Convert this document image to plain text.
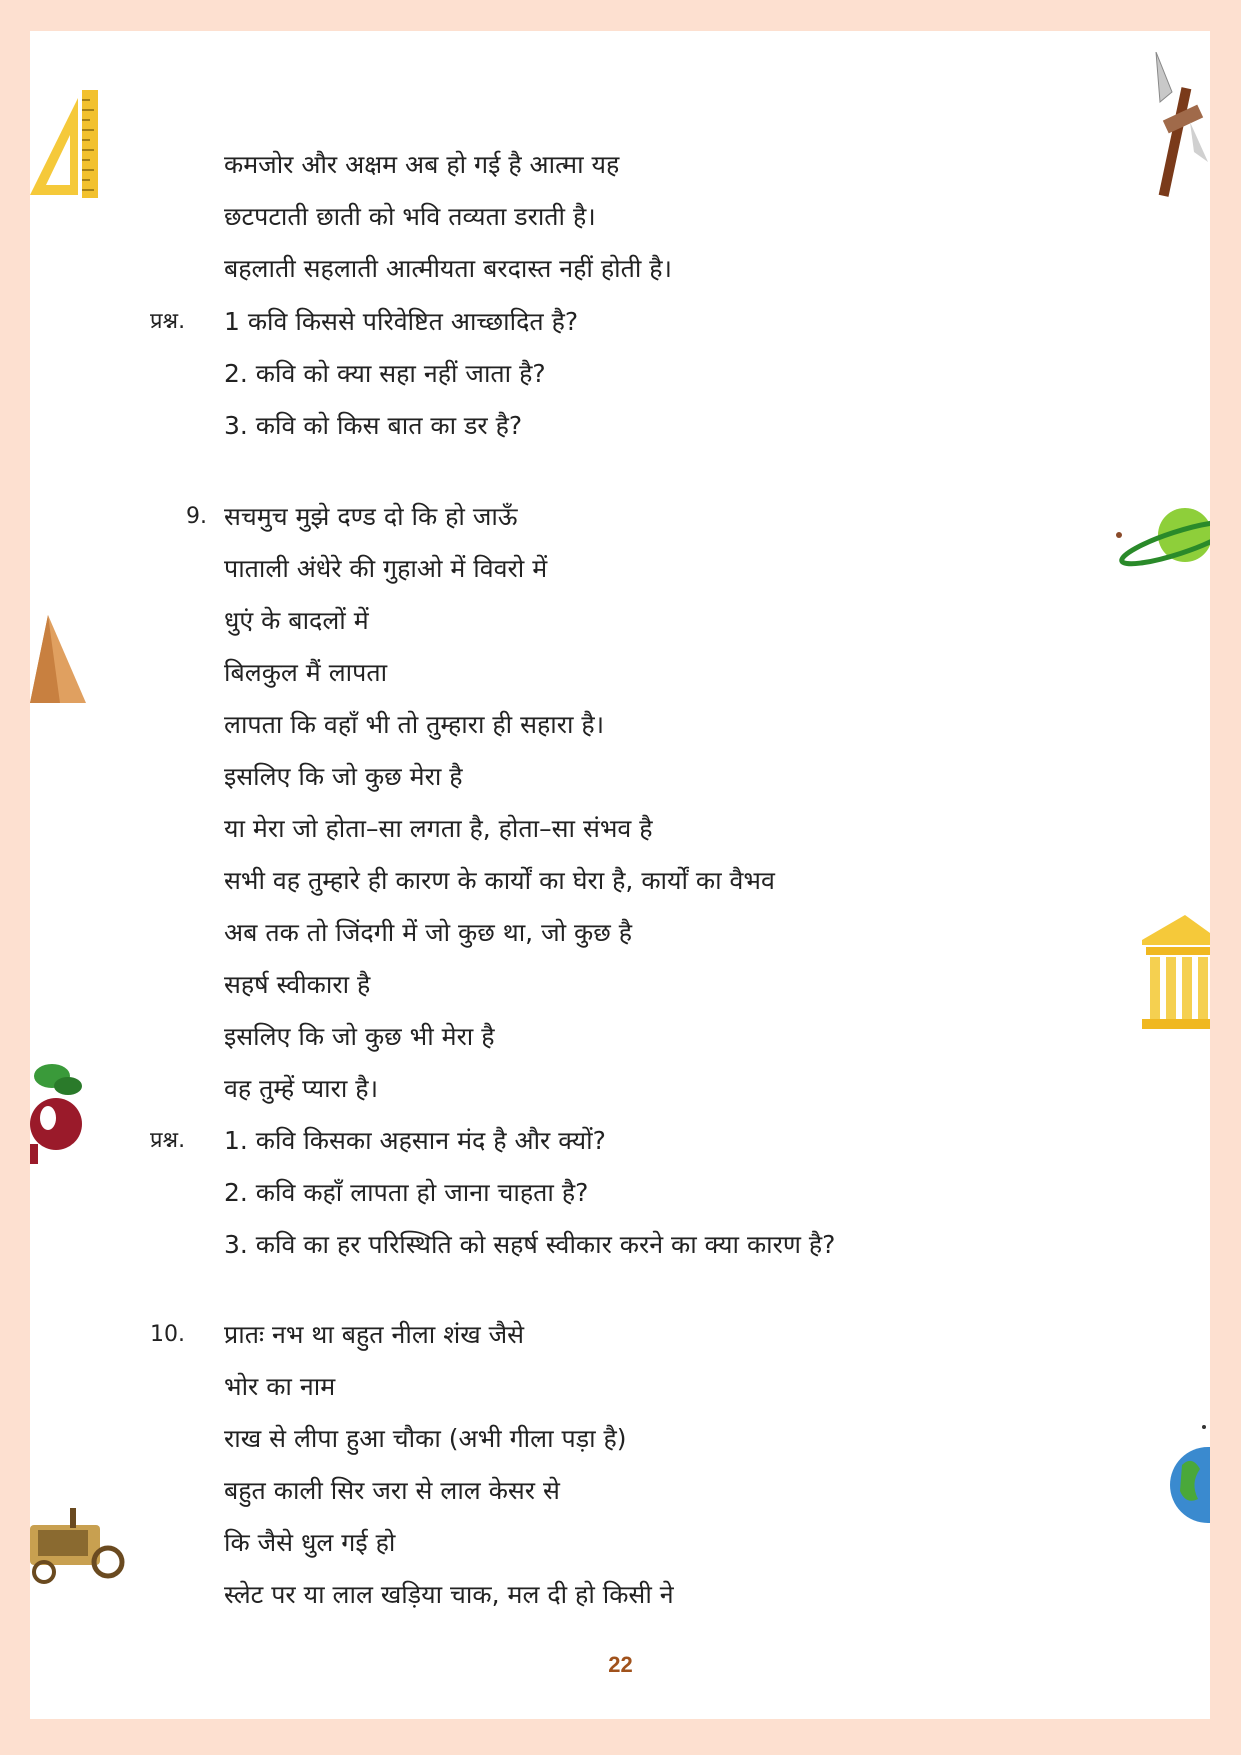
कमजोर और अक्षम अब हो गई है आत्मा यह
छटपटाती छाती को भवि तव्यता डराती है।
बहलाती सहलाती आत्मीयता बरदास्त नहीं होती है।
प्रश्न. 1 कवि किससे परिवेष्टित आच्छादित है?
2. कवि को क्या सहा नहीं जाता है?
3. कवि को किस बात का डर है?
9. सचमुच मुझे दण्ड दो कि हो जाऊँ
पाताली अंधेरे की गुहाओ में विवरो में
धुएं के बादलों में
बिलकुल मैं लापता
लापता कि वहाँ भी तो तुम्हारा ही सहारा है।
इसलिए कि जो कुछ मेरा है
या मेरा जो होता–सा लगता है, होता–सा संभव है
सभी वह तुम्हारे ही कारण के कार्यों का घेरा है, कार्यों का वैभव
अब तक तो जिंदगी में जो कुछ था, जो कुछ है
सहर्ष स्वीकारा है
इसलिए कि जो कुछ भी मेरा है
वह तुम्हें प्यारा है।
प्रश्न. 1. कवि किसका अहसान मंद है और क्यों?
2. कवि कहाँ लापता हो जाना चाहता है?
3. कवि का हर परिस्थिति को सहर्ष स्वीकार करने का क्या कारण है?
10. प्रातः नभ था बहुत नीला शंख जैसे
भोर का नाम
राख से लीपा हुआ चौका (अभी गीला पड़ा है)
बहुत काली सिर जरा से लाल केसर से
कि जैसे धुल गई हो
स्लेट पर या लाल खड़िया चाक, मल दी हो किसी ने
22
